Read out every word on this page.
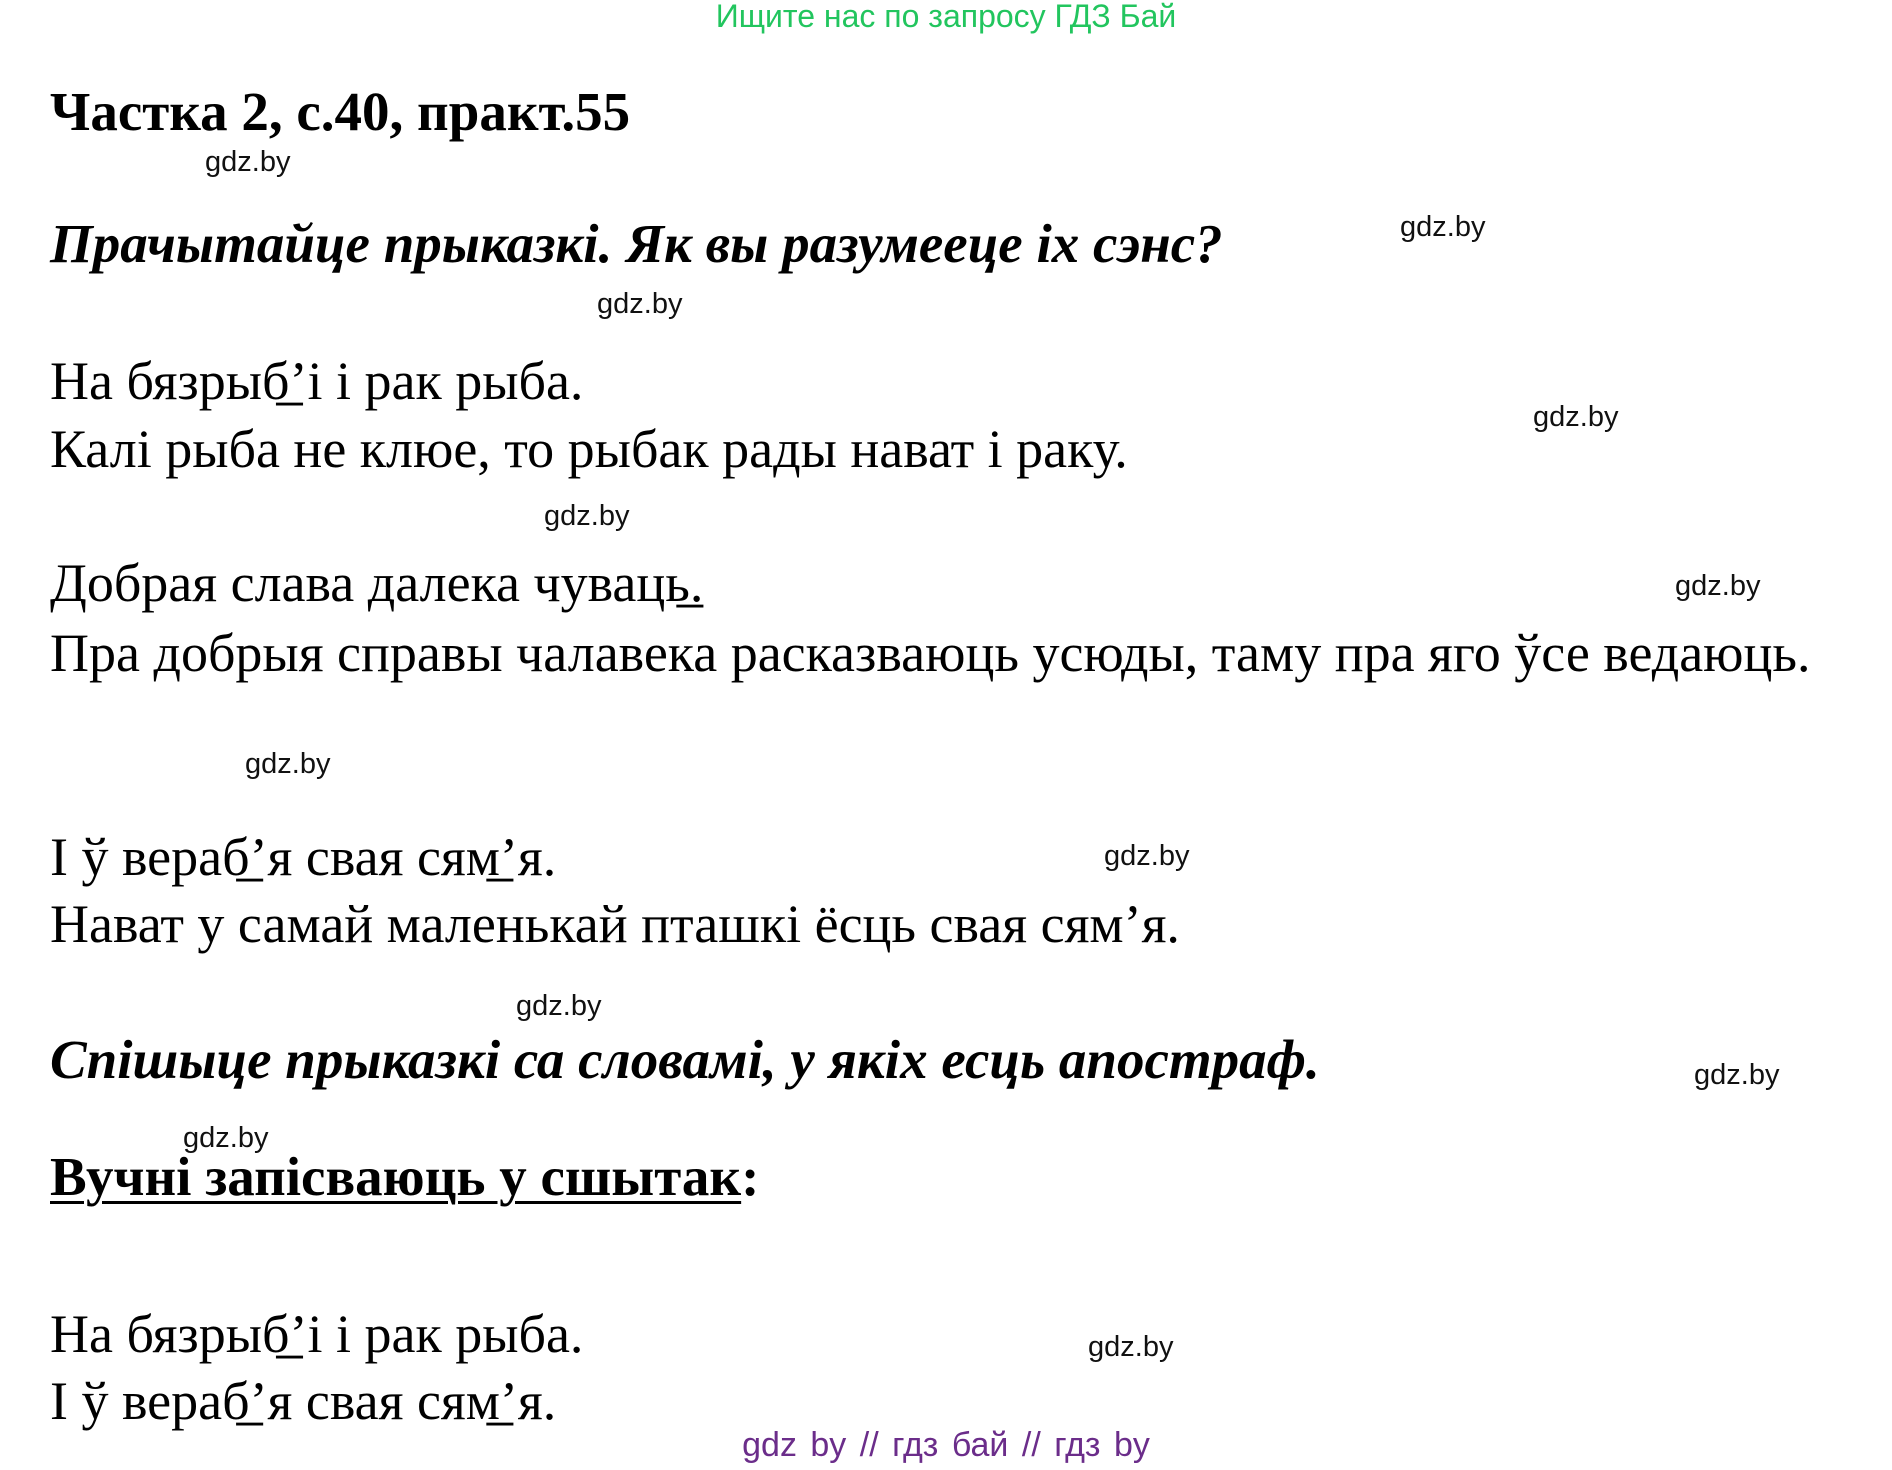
Ищите нас по запросу ГДЗ Бай
Частка 2, с.40, практ.55
Прачытайце прыказкі. Як вы разумееце іх сэнс?
На бязрыб̲’і і рак рыба.
Калі рыба не клюе, то рыбак рады нават і раку.
Добрая слава далека чуваць̲.
Пра добрыя справы чалавека расказваюць усюды, таму пра яго ўсе ведаюць.
І ў вераб̲’я свая сям̲’я.
Нават у самай маленькай пташкі ёсць свая сям’я.
Спішыце прыказкі са словамі, у якіх есць апостраф.
Вучні запісваюць у сшытак:
На бязрыб̲’і і рак рыба.
І ў вераб̲’я свая сям̲’я.
gdz.by
gdz.by
gdz.by
gdz.by
gdz.by
gdz.by
gdz.by
gdz.by
gdz.by
gdz.by
gdz.by
gdz.by
gdz by // гдз бай // гдз by
